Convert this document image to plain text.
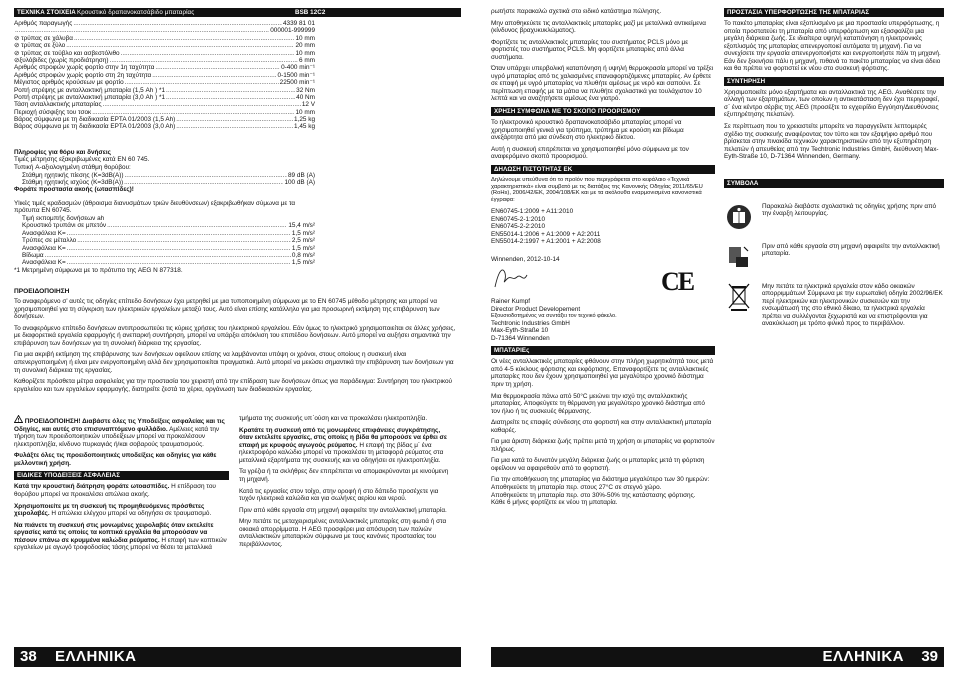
ΤΕΧΝΙΚΑ ΣΤΟΙΧΕΙΑ Κρουστικό δραπανοκατσάβιδο μπαταρίας	BSB 12C2
Αριθμός παραγωγής .....	4339 81 01
.....
000001-999999
⊘ τρύπας σε χάλυβα .....	10 mm
⊘ τρύπας σε ξύλο .....	20 mm
⊘ τρύπας σε τούβλο και ασβεστόλιθο .....	10 mm
⊘ξυλόβιδες (χωρίς προδιάτρηση) .....	6 mm
Αριθμός στροφών χωρίς φορτίο στην 1η ταχύτητα .....	0-400 min⁻¹
Αριθμός στροφών χωρίς φορτίο στη 2η ταχύτητα .....	0-1500 min⁻¹
Μέγιστος αριθμός κρούσεων με φορτίο .....	22500 min⁻¹
Ροπή στρέψης με ανταλλακτική μπαταρία (1,5 Ah ) *1 .....	32 Nm
Ροπή στρέψης με ανταλλακτική μπαταρία (3,0 Ah ) *1 .....	40 Nm
Τάση ανταλλακτικής μπαταρίας .....	12 V
Περιοχή σύσφιξης του τσοκ .....	10 mm
Βάρος σύμφωνα με τη διαδικασία EPTA 01/2003 (1,5 Ah) .....	1,25 kg
Βάρος σύμφωνα με τη διαδικασία EPTA 01/2003 (3,0 Ah) .....	1,45 kg
Πληροφίες για θόρυ και δνήσεις
Τιμές μέτρησης εξακριβωμένες κατά EN 60 745.
Τυπική A-αξιολογημένη στάθμη θορύβου:
Στάθμη ηχητικής πίεσης (K=3dB(A)) .....	89 dB (A)
Στάθμη ηχητικής ισχύος (K=3dB(A)) .....	100 dB (A)
Φοράτε προστασία ακοής (ωτασπίδες)!
Ylικές τιμές κραδασμών (άθροισμα διανυσμάτων τριών διευθύνσεων) εξακριβωθήκαν σύμωνα με τα πρότυπα EN 60745.
Τιμή εκπομπής δονήσεων ah
Κρουστικό τρυπάνι σε μπετόν .....	15,4 m/s²
Ανασφάλεια K= .....	1,5 m/s²
Τρύπες σε μέταλλο .....	2,5 m/s²
Ανασφάλεια K= .....	1,5 m/s²
Βίδωμα .....	0,8 m/s²
Ανασφάλεια K= .....	1,5 m/s²
*1 Μετρημένη σύμφωνα με το πρότυπο της AEG N 877318.
ΠΡΟΕΙΔΟΠΟΙΗΣΗ
Το αναφερόμενο σ’ αυτές τις οδηγίες επίπεδο δονήσεων έχει μετρηθεί με μια τυποποιημένη σύμφωνα με το EN 60745 μέθοδο μέτρησης και μπορεί να χρησιμοποιηθεί για τη σύγκριση των ηλεκτρικών εργαλείων μεταξύ τους. Αυτό είναι επίσης κατάλληλο για μια προσωρινή εκτίμηση της επιβάρυνση των δονήσεων.
Το αναφερόμενο επίπεδο δονήσεων αντιπροσωπεύει τις κύριες χρήσεις του ηλεκτρικού εργαλείου. Εάν όμως το ηλεκτρικό χρησιμοποιείται σε άλλες χρήσεις, με διαφορετικά εργαλεία εφαρμογής ή ανεπαρκή συντήρηση, μπορεί να υπάρξει απόκλιση του επιπέδου δονήσεων. Αυτό μπορεί να αυξήσει σημαντικά την επιβάρυνση των δονήσεων για τη συνολική διάρκεια της εργασίας.
Για μια ακριβή εκτίμηση της επιβάρυνσης των δονήσεων οφείλουν επίσης να λαμβάνονται υπόψη οι χρόνοι, στους οποίους η συσκευή είναι απενεργοποιημένη ή είναι μεν ενεργοποιημένη αλλά δεν χρησιμοποιείται πραγματικά. Αυτό μπορεί να μειώσει σημαντικά την επιβάρυνση των δονήσεων για τη συνολική διάρκεια της εργασίας.
Καθορίζετε πρόσθετα μέτρα ασφαλείας για την προστασία του χειριστή από την επίδραση των δονήσεων όπως για παράδειγμα: Συντήρηση του ηλεκτρικού εργαλείου και των εργαλείων εφαρμογής, διατηρείτε ζεστά τα χέρια, οργάνωση των διαδικασιών εργασίας.
ΠΡΟΕΙΔΟΠΟΙΗΣΗ! Διαβάστε όλες τις Υποδείξεις ασφαλείας και τις Οδηγίες, και αυτές στο επισυναπτόμενο φυλλάδιο. Αμέλειες κατά την τήρηση των προειδοποιητικών υποδείξεων μπορεί να προκαλέσουν ηλεκτροπληξία, κίνδυνο πυρκαγιάς ή/και σοβαρούς τραυματισμούς.
Φυλάξτε όλες τις προειδοποιητικές υποδείξεις και οδηγίες για κάθε μελλοντική χρήση.
ΕΙΔΙΚΕΣ ΥΠΟΔΕΙΞΕΙΣ ΑΣΦΑΛΕΙΑΣ
Κατά την κρουστική διάτρηση φοράτε ωτοασπίδες. Η επίδραση του θορύβου μπορεί να προκαλέσει απώλεια ακοής.
Χρησιμοποιείτε με τη συσκευή τις προμηθευόμενες πρόσθετες χειρολαβές. Η απώλεια ελέγχου μπορεί να οδηγήσει σε τραυματισμό.
Να πιάνετε τη συσκευή στις μονωμένες χειρολαβές όταν εκτελείτε εργασίες κατά τις οποίες τα κοπτικά εργαλεία θα μπορούσαν να πέσουν επάνω σε κρυμμένα καλώδια ρεύματος. Η επαφή των κοπτικών εργαλείων με αγωγό τροφοδοσίας τάσης μπορεί να θέσει τα μεταλλικά
τμήματα της συσκευής υπ΄ούση και να προκαλέσει ηλεκτροπληξία.
Κρατάτε τη συσκευή από τις μονωμένες επιφάνειες συγκράτησης, όταν εκτελείτε εργασίες, στις οποίες η βίδα θα μπορούσε να έρθει σε επαφή με κρυφούς αγωγούς ρεύματος. Η επαφή της βίδας μ΄ ένα ηλεκτροφόρο καλώδιο μπορεί να προκαλέσει τη μεταφορά ρεύματος στα μεταλλικά εξαρτήματα της συσκευής και να οδηγήσει σε ηλεκτροπληξία.
Τα γρέζια ή τα σκλήθρες δεν επιτρέπεται να απομακρύνονται με κινούμενη τη μηχανή.
Κατά τις εργασίες στον τοίχο, στην οροφή ή στο δάπεδο προσέχετε για τυχόν ηλεκτρικά καλώδια και για σωλήνες αερίου και νερού.
Πριν από κάθε εργασία στη μηχανή αφαιρείτε την ανταλλακτική μπαταρία.
Μην πετάτε τις μεταχειρισμένες ανταλλακτικές μπαταρίες στη φωτιά ή στα οικιακά απορρίμματα. Η AEG προσφέρει μια απόσυρση των παλιών ανταλλακτικών μπαταριών σύμφωνα με τους κανόνες προστασίας του περιβάλλοντος.
38 ΕΛΛΗΝΙΚΑ
ρωτήστε παρακαλώ σχετικά στο ειδικό κατάστημα πώλησης.
Μην αποθηκεύετε τις ανταλλακτικές μπαταρίες μαζί με μεταλλικά αντικείμενα (κίνδυνος βραχυκυκλώματος).
Φορτίζετε τις ανταλλακτικές μπαταρίες του συστήματος PCLS μόνο με φορτιστές του συστήματος PCLS. Μη φορτίζετε μπαταρίες από άλλα συστήματα.
Όταν υπάρχει υπερβολική καταπόνηση ή υψηλή θερμοκρασία μπορεί να τρέξει υγρό μπαταρίας από τις χαλασμένες επαναφορτιζόμενες μπαταρίες. Αν έρθετε σε επαφή με υγρό μπαταρίας να πλυθήτε αμέσως με νερό και σαπούνι. Σε περίπτωση επαφής με τα μάτια να πλυθήτε σχολαστικά για τουλάχιστον 10 λεπτά και να αναζητήσετε αμέσως ένα γιατρό.
ΧΡΗΣΗ ΣΥΜΦΩΝΑ ΜΕ ΤΟ ΣΚΟΠΟ ΠΡΟΟΡΙΣΜΟΥ
Το ηλεκτρονικό κρουστικό δραπανοκατσάβιδο μπαταρίας μπορεί να χρησιμοποιηθεί γενικά για τρύπημα, τρύπημα με κρούση και βίδωμα ανεξάρτητα από μια σύνδεση στο ηλεκτρικό δίκτυο.
Αυτή η συσκευή επιτρέπεται να χρησιμοποιηθεί μόνο σύμφωνα με τον αναφερόμενο σκοπό προορισμού.
ΔΗΛΩΣΗ ΠΙΣΤΟΤΗΤΑΣ ΕΚ
Δηλώνουμε υπεύθυνα ότι το προϊόν που περιγράφεται στο κεφάλαιο «Τεχνικά χαρακτηριστικά» είναι συμβατό με τις διατάξεις της Κανονικής Οδηγίας 2011/65/EU (RoHs), 2006/42/ΕΚ, 2004/108/ΕΚ και με τα ακόλουθα εναρμονισμένα κανονιστικά έγγραφα:
EN60745-1:2009 + A11:2010
EN60745-2-1:2010
EN60745-2-2:2010
EN55014-1:2006 + A1:2009 + A2:2011
EN55014-2:1997 + A1:2001 + A2:2008
Winnenden, 2012-10-14
CE
Rainer Kumpf
Director Product Developement
Εξουσιοδοτημένος να συντάξει τον τεχνικό φάκελο.
Techtronic Industries GmbH
Max-Eyth-Straße 10
D-71364 Winnenden
ΜΠΑΤΑΡΙΕς
Οι νέες ανταλλακτικές μπαταρίες φθάνουν στην πλήρη χωρητικότητά τους μετά από 4-5 κύκλους φόρτισης και εκφόρτισης. Επαναφορτίζετε τις ανταλλακτικές μπαταρίες που δεν έχουν χρησιμοποιηθεί για μεγαλύτερο χρονικό διάστημα πριν τη χρήση.
Μια θερμοκρασία πάνω από 50°C μειώνει την ισχύ της ανταλλακτικής μπαταρίας. Αποφεύγετε τη θέρμανση για μεγαλύτερο χρονικό διάστημα από τον ήλιο ή τις συσκευές θέρμανσης.
Διατηρείτε τις επαφές σύνδεσης στο φορτιστή και στην ανταλλακτική μπαταρία καθαρές.
Για μια άριστη διάρκεια ζωής πρέπει μετά τη χρήση οι μπαταρίες να φορτιστούν πλήρως.
Για μια κατά το δυνατόν μεγάλη διάρκεια ζωής οι μπαταρίες μετά τη φόρτιση οφείλουν να αφαιρεθούν από το φορτιστή.
Για την αποθήκευση της μπαταρίας για διάστημα μεγαλύτερο των 30 ημερών:
Αποθηκεύετε τη μπαταρία περ. στους 27°C σε στεγνό χώρο.
Αποθηκεύετε τη μπαταρία περ. στο 30%-50% της κατάστασης φόρτισης.
Κάθε 6 μήνες φορτίζετε εκ νέου τη μπαταρία.
ΠΡΟΣΤΑΣΙΑ ΥΠΕΡΦΟΡΤΩΣΗΣ ΤΗΣ ΜΠΑΤΑΡΙΑΣ
Το πακέτο μπαταρίας είναι εξοπλισμένο με μια προστασία υπερφόρτωσης, η οποία προστατεύει τη μπαταρία από υπερφόρτωση και εξασφαλίζει μια μεγάλη διάρκεια ζωής. Σε ιδιαίτερα υψηλή καταπόνηση η ηλεκτρονικές εξοπλισμός της μπαταρίας απενεργοποιεί αυτόματα τη μηχανή. Για να συνεχίσετε την εργασία απενεργοποιήστε και ενεργοποιήστε πάλι τη μηχανή. Εάν δεν ξεκινήσει πάλι η μηχανή, πιθανά το πακέτο μπαταρίας να είναι άδειο και θα πρέπει να φορτιστεί εκ νέου στο συσκευή φόρτισης.
ΣΥΝΤΗΡΗΣΗ
Χρησιμοποιείτε μόνο εξαρτήματα και ανταλλακτικά της AEG. Αναθέσετε την αλλαγή των εξαρτημάτων, των οποίων η αντικατάσταση δεν έχει περιγραφεί, σ΄ ένα κέντρο σέρβις της AEG (προσέξτε το εγχειρίδιο Εγγύηση/Διευθύνσεις εξυπηρέτησης πελατών).
Σε περίπτωση που το χρειαστείτε μπορείτε να παραγγείλετε λεπτομερές σχέδιο της συσκευής αναφέροντας τον τύπο και τον εξαψήφιο αριθμό που βρίσκεται στην πινακίδα τεχνικών χαρακτηριστικών από την εξυπηρέτηση πελατών ή απευθείας από την Techtronic Industries GmbH, διεύθυνση Max-Eyth-Straße 10, D-71364 Winnenden, Germany.
ΣΥΜΒΟΛΑ
Παρακαλώ διαβάστε σχολαστικά τις οδηγίες χρήσης πριν από την έναρξη λειτουργίας.
Πριν από κάθε εργασία στη μηχανή αφαιρείτε την ανταλλακτική μπαταρία.
Μην πετάτε τα ηλεκτρικά εργαλεία στον κάδο οικιακών απορριμμάτων! Σύμφωνα με την ευρωπαϊκή οδηγία 2002/96/ΕΚ περί ηλεκτρικών και ηλεκτρονικών συσκευών και την ενσωμάτωσή της στο εθνικό δίκαιο, τα ηλεκτρικά εργαλεία πρέπει να συλλέγονται ξεχωριστά και να επιστρέφονται για ανακύκλωση με τρόπο φιλικό προς το περιβάλλον.
ΕΛΛΗΝΙΚΑ 39
